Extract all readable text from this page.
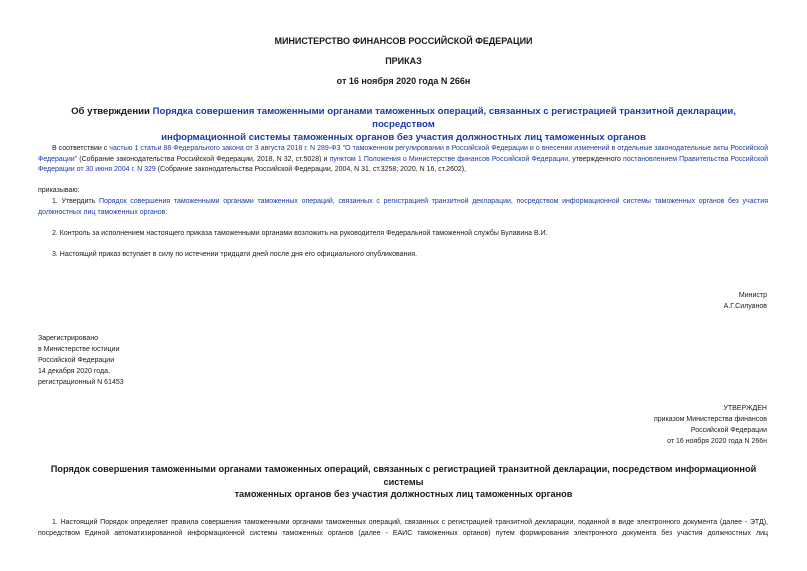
МИНИСТЕРСТВО ФИНАНСОВ РОССИЙСКОЙ ФЕДЕРАЦИИ
ПРИКАЗ
от 16 ноября 2020 года N 266н
Об утверждении Порядка совершения таможенными органами таможенных операций, связанных с регистрацией транзитной декларации, посредством
информационной системы таможенных органов без участия должностных лиц таможенных органов
В соответствии с частью 1 статьи 88 Федерального закона от 3 августа 2018 г. N 289-ФЗ "О таможенном регулировании в Российской Федерации и о внесении изменений в отдельные законодательные акты Российской Федерации" (Собрание законодательства Российской Федерации, 2018, N 32, ст.5028) и пунктом 1 Положения о Министерстве финансов Российской Федерации, утвержденного постановлением Правительства Российской Федерации от 30 июня 2004 г. N 329 (Собрание законодательства Российской Федерации, 2004, N 31, ст.3258; 2020, N 16, ст.2602),
приказываю:
1. Утвердить Порядок совершения таможенными органами таможенных операций, связанных с регистрацией транзитной декларации, посредством информационной системы таможенных органов без участия должностных лиц таможенных органов.
2. Контроль за исполнением настоящего приказа таможенными органами возложить на руководителя Федеральной таможенной службы Булавина В.И.
3. Настоящий приказ вступает в силу по истечении тридцати дней после дня его официального опубликования.
Министр
А.Г.Силуанов
Зарегистрировано
в Министерстве юстиции
Российской Федерации
14 декабря 2020 года,
регистрационный N 61453
УТВЕРЖДЕН
приказом Министерства финансов
Российской Федерации
от 16 ноября 2020 года N 266н
Порядок совершения таможенными органами таможенных операций, связанных с регистрацией транзитной декларации, посредством информационной системы
таможенных органов без участия должностных лиц таможенных органов
1. Настоящий Порядок определяет правила совершения таможенными органами таможенных операций, связанных с регистрацией транзитной декларации, поданной в виде электронного документа (далее - ЭТД),
посредством Единой автоматизированной информационной системы таможенных органов (далее - ЕАИС таможенных органов) путем формирования электронного документа без участия должностных лиц
